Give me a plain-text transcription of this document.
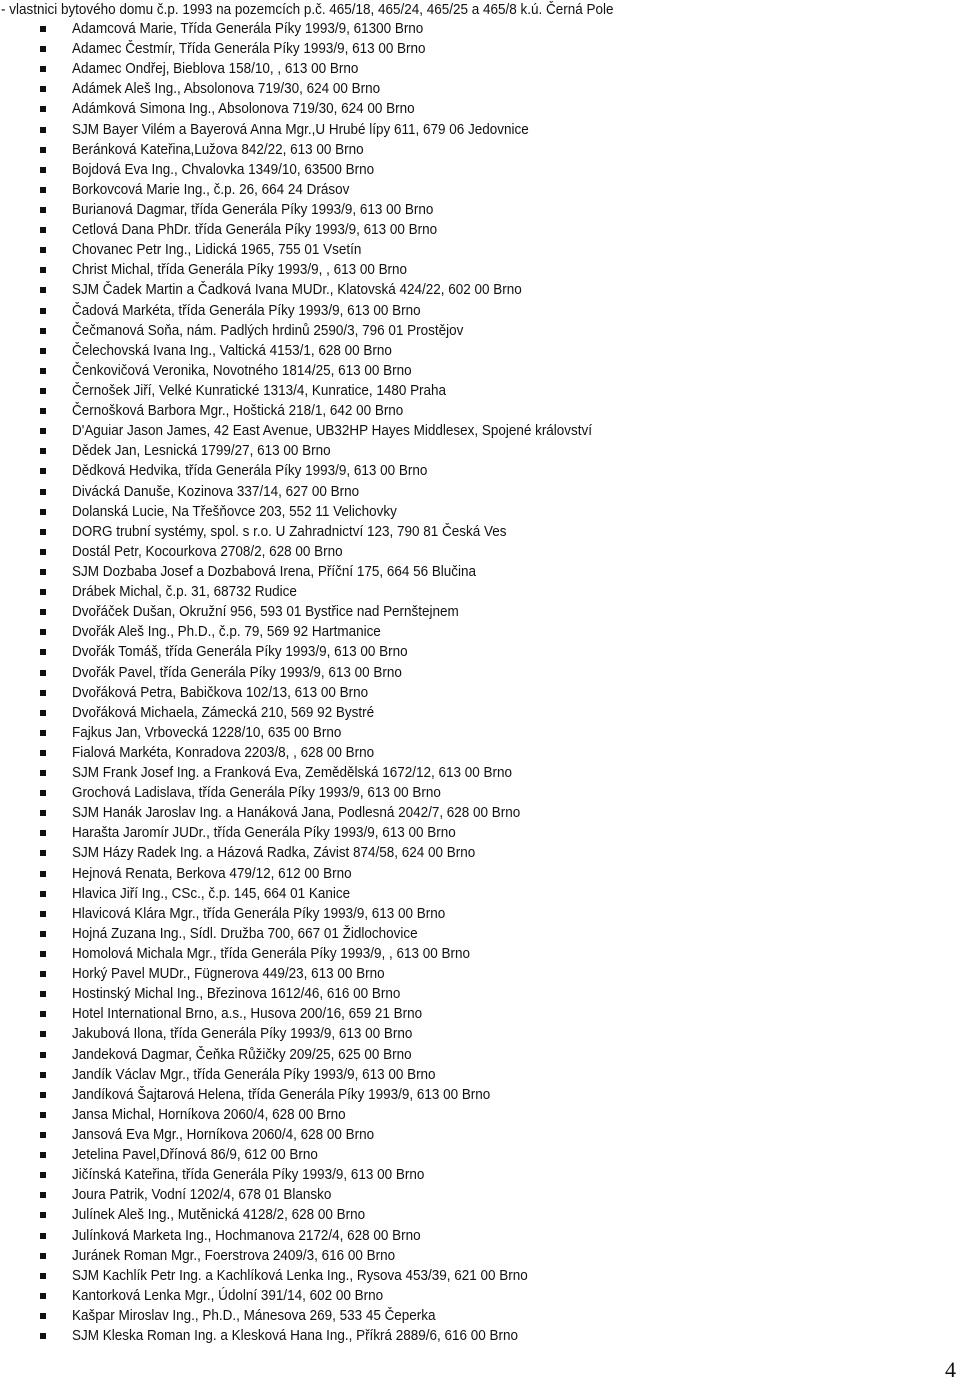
- vlastnici bytového domu č.p. 1993 na pozemcích p.č. 465/18, 465/24, 465/25 a 465/8 k.ú. Černá Pole
Adamcová Marie, Třída Generála Píky 1993/9, 61300 Brno
Adamec Čestmír, Třída Generála Píky 1993/9, 613 00 Brno
Adamec Ondřej, Bieblova 158/10, , 613 00 Brno
Adámek Aleš Ing., Absolonova 719/30, 624 00 Brno
Adámková Simona Ing., Absolonova 719/30, 624 00 Brno
SJM Bayer Vilém a Bayerová Anna Mgr.,U Hrubé lípy 611, 679 06 Jedovnice
Beránková Kateřina,Lužova 842/22, 613 00 Brno
Bojdová Eva Ing., Chvalovka 1349/10, 63500 Brno
Borkovcová Marie Ing., č.p. 26, 664 24 Drásov
Burianová Dagmar, třída Generála Píky 1993/9, 613 00 Brno
Cetlová Dana PhDr. třída Generála Píky 1993/9, 613 00 Brno
Chovanec Petr Ing., Lidická 1965, 755 01 Vsetín
Christ Michal, třída Generála Píky 1993/9, , 613 00 Brno
SJM Čadek Martin a Čadková Ivana MUDr., Klatovská 424/22, 602 00 Brno
Čadová Markéta, třída Generála Píky 1993/9, 613 00 Brno
Čečmanová Soňa, nám. Padlých hrdinů 2590/3, 796 01 Prostějov
Čelechovská Ivana Ing., Valtická 4153/1, 628 00 Brno
Čenkovičová Veronika, Novotného 1814/25, 613 00 Brno
Černošek Jiří, Velké Kunratické 1313/4, Kunratice, 1480 Praha
Černošková Barbora Mgr., Hoštická 218/1, 642 00 Brno
D'Aguiar Jason James, 42 East Avenue, UB32HP Hayes Middlesex, Spojené království
Dědek Jan, Lesnická 1799/27, 613 00 Brno
Dědková Hedvika, třída Generála Píky 1993/9, 613 00 Brno
Divácká Danuše, Kozinova 337/14, 627 00 Brno
Dolanská Lucie, Na Třešňovce 203, 552 11 Velichovky
DORG trubní systémy, spol. s r.o. U Zahradnictví 123, 790 81 Česká Ves
Dostál Petr, Kocourkova 2708/2, 628 00 Brno
SJM Dozbaba Josef a Dozbabová Irena, Příční 175, 664 56 Blučina
Drábek Michal, č.p. 31, 68732 Rudice
Dvořáček Dušan, Okružní 956, 593 01 Bystřice nad Pernštejnem
Dvořák Aleš Ing., Ph.D., č.p. 79, 569 92 Hartmanice
Dvořák Tomáš, třída Generála Píky 1993/9, 613 00 Brno
Dvořák Pavel, třída Generála Píky 1993/9, 613 00 Brno
Dvořáková Petra, Babičkova 102/13, 613 00 Brno
Dvořáková Michaela, Zámecká 210, 569 92 Bystré
Fajkus Jan, Vrbovecká 1228/10, 635 00 Brno
Fialová Markéta, Konradova 2203/8, , 628 00 Brno
SJM Frank Josef Ing. a Franková Eva, Zemědělská 1672/12, 613 00 Brno
Grochová Ladislava, třída Generála Píky 1993/9, 613 00 Brno
SJM Hanák Jaroslav Ing. a Hanáková Jana, Podlesná 2042/7, 628 00 Brno
Harašta Jaromír JUDr., třída Generála Píky 1993/9, 613 00 Brno
SJM Házy Radek Ing. a Házová Radka, Závist 874/58, 624 00 Brno
Hejnová Renata, Berkova 479/12, 612 00 Brno
Hlavica Jiří Ing., CSc., č.p. 145, 664 01 Kanice
Hlavicová Klára Mgr., třída Generála Píky 1993/9, 613 00 Brno
Hojná Zuzana Ing., Sídl. Družba 700, 667 01 Židlochovice
Homolová Michala Mgr., třída Generála Píky 1993/9, , 613 00 Brno
Horký Pavel MUDr., Fügnerova 449/23, 613 00 Brno
Hostinský Michal Ing., Březinova 1612/46, 616 00 Brno
Hotel International Brno, a.s., Husova 200/16, 659 21 Brno
Jakubová Ilona, třída Generála Píky 1993/9, 613 00 Brno
Jandeková Dagmar, Čeňka Růžičky 209/25, 625 00 Brno
Jandík Václav Mgr., třída Generála Píky 1993/9, 613 00 Brno
Jandíková Šajtarová Helena, třída Generála Píky 1993/9, 613 00 Brno
Jansa Michal, Horníkova 2060/4, 628 00 Brno
Jansová Eva Mgr., Horníkova 2060/4, 628 00 Brno
Jetelina Pavel,Dřínová 86/9, 612 00 Brno
Jičínská Kateřina, třída Generála Píky 1993/9, 613 00 Brno
Joura Patrik, Vodní 1202/4, 678 01 Blansko
Julínek Aleš Ing., Mutěnická 4128/2, 628 00 Brno
Julínková Marketa Ing., Hochmanova 2172/4, 628 00 Brno
Juránek Roman Mgr., Foerstrova 2409/3, 616 00 Brno
SJM Kachlík Petr Ing. a Kachlíková Lenka Ing., Rysova 453/39, 621 00 Brno
Kantorková Lenka Mgr., Údolní 391/14, 602 00 Brno
Kašpar Miroslav Ing., Ph.D., Mánesova 269, 533 45 Čeperka
SJM Kleska Roman Ing. a Klesková Hana Ing., Příkrá 2889/6, 616 00 Brno
4
